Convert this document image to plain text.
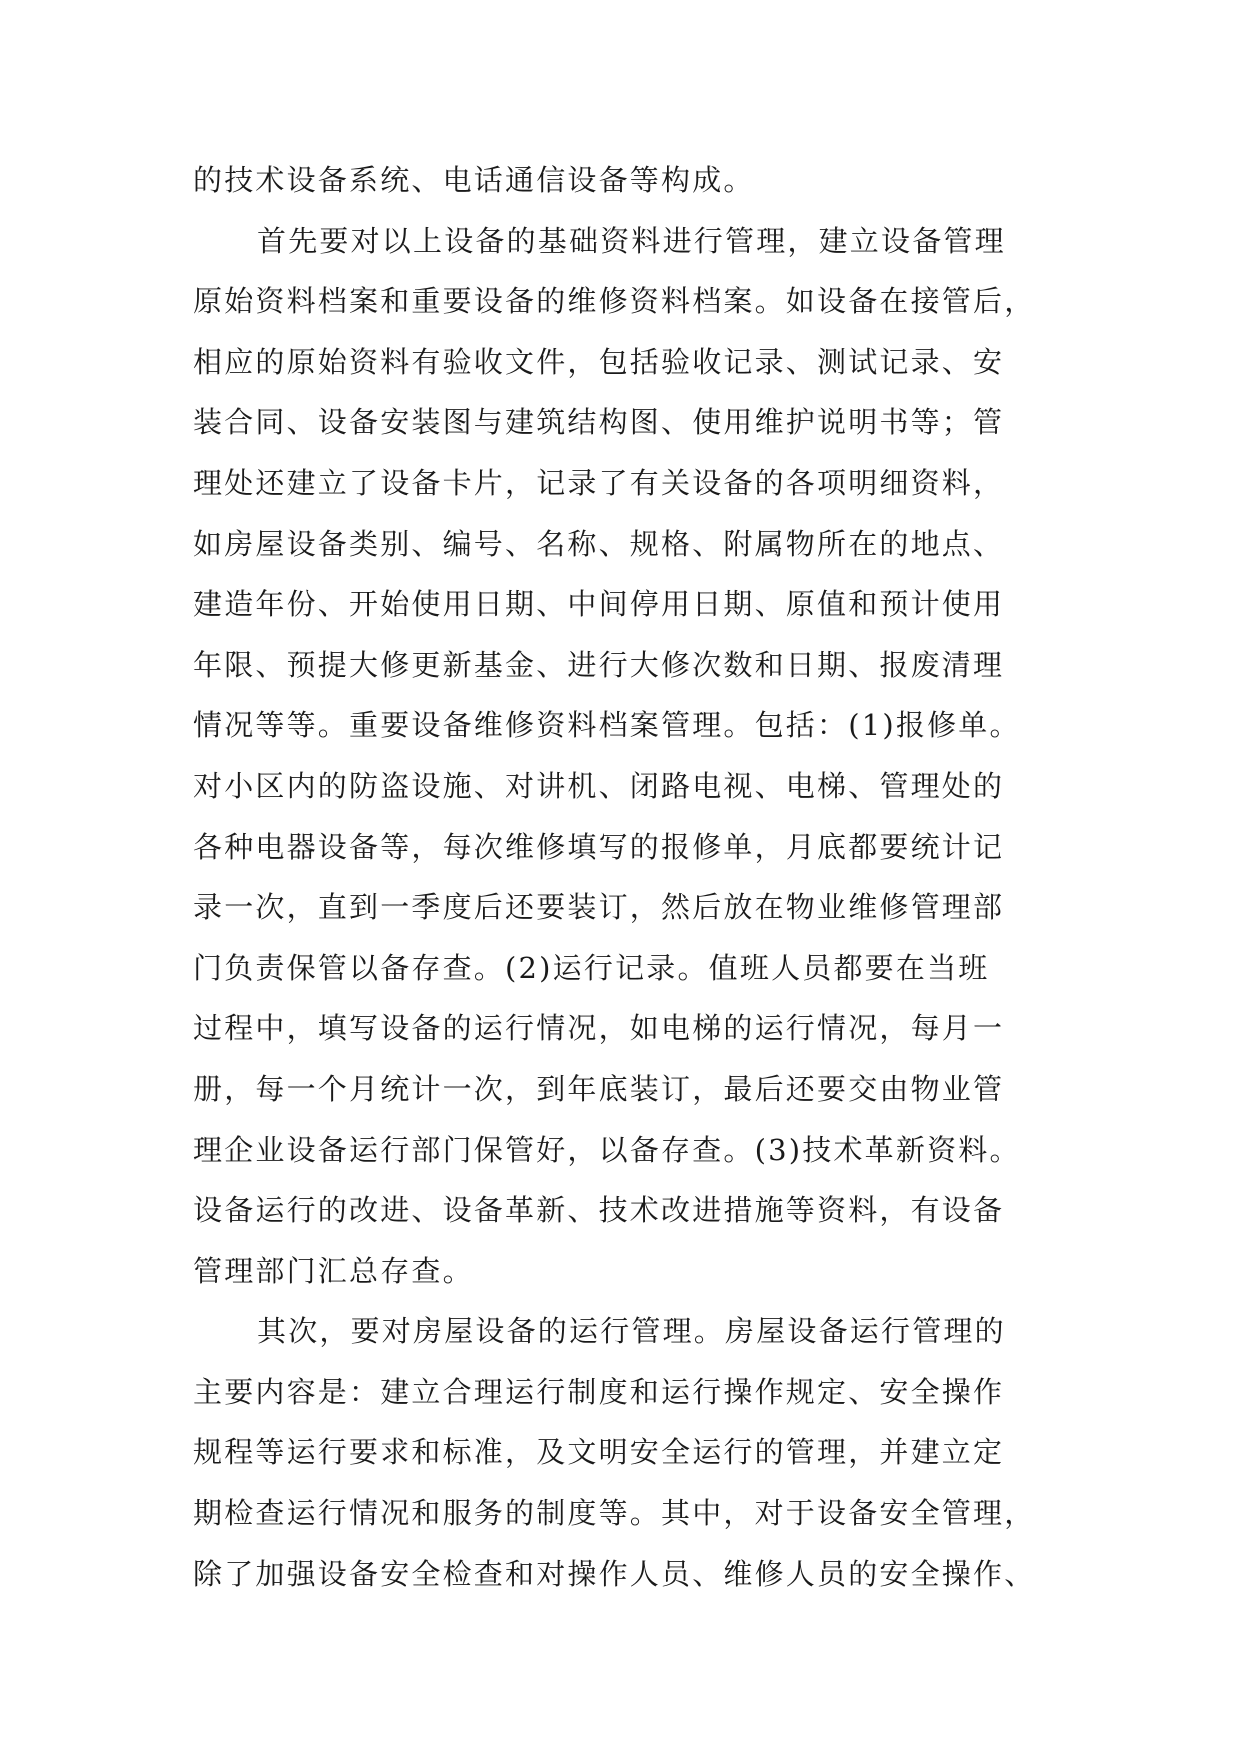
的技术设备系统、电话通信设备等构成。
首先要对以上设备的基础资料进行管理，建立设备管理
原始资料档案和重要设备的维修资料档案。如设备在接管后，
相应的原始资料有验收文件，包括验收记录、测试记录、安
装合同、设备安装图与建筑结构图、使用维护说明书等；管
理处还建立了设备卡片，记录了有关设备的各项明细资料，
如房屋设备类别、编号、名称、规格、附属物所在的地点、
建造年份、开始使用日期、中间停用日期、原值和预计使用
年限、预提大修更新基金、进行大修次数和日期、报废清理
情况等等。重要设备维修资料档案管理。包括：(1)报修单。
对小区内的防盗设施、对讲机、闭路电视、电梯、管理处的
各种电器设备等，每次维修填写的报修单，月底都要统计记
录一次，直到一季度后还要装订，然后放在物业维修管理部
门负责保管以备存查。(2)运行记录。值班人员都要在当班
过程中，填写设备的运行情况，如电梯的运行情况，每月一
册，每一个月统计一次，到年底装订，最后还要交由物业管
理企业设备运行部门保管好，以备存查。(3)技术革新资料。
设备运行的改进、设备革新、技术改进措施等资料，有设备
管理部门汇总存查。
其次，要对房屋设备的运行管理。房屋设备运行管理的
主要内容是：建立合理运行制度和运行操作规定、安全操作
规程等运行要求和标准，及文明安全运行的管理，并建立定
期检查运行情况和服务的制度等。其中，对于设备安全管理，
除了加强设备安全检查和对操作人员、维修人员的安全操作、
